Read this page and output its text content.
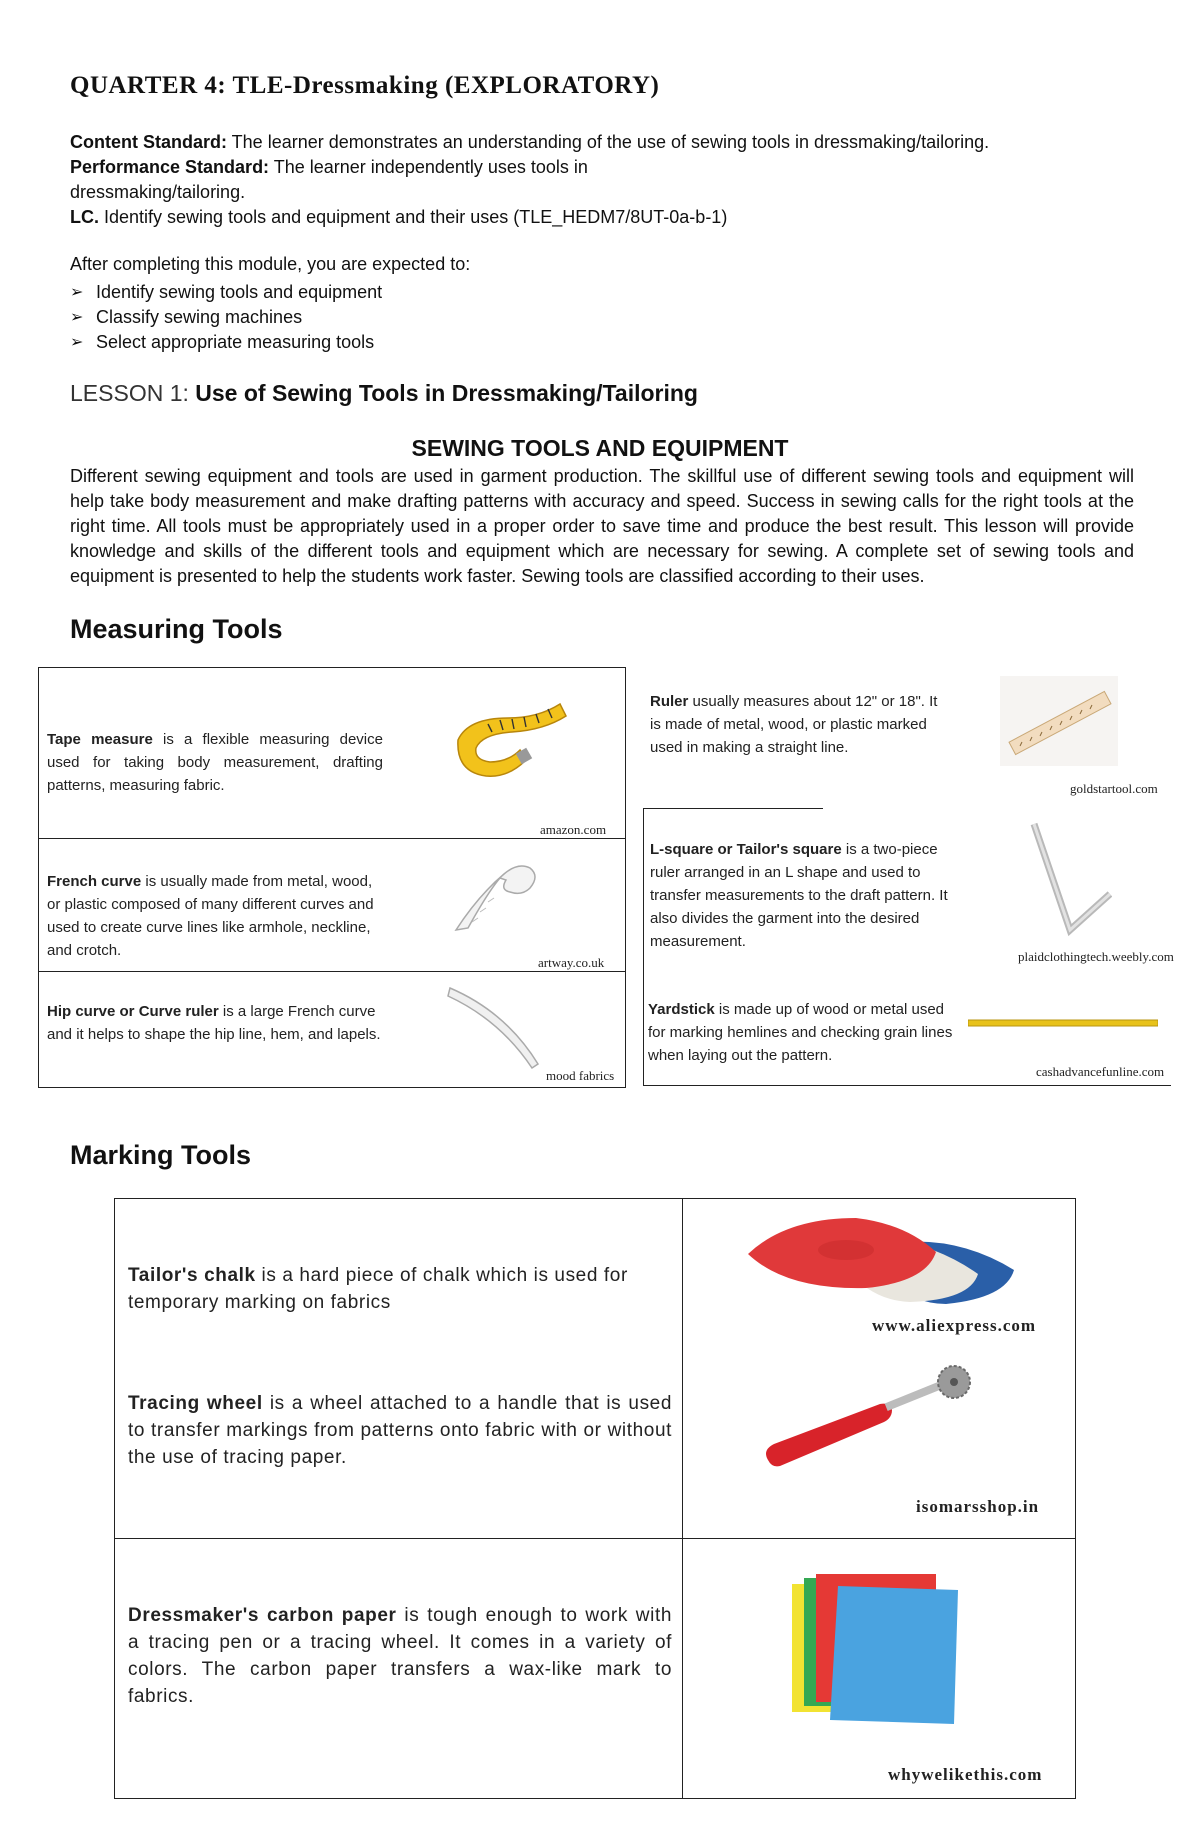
QUARTER 4: TLE-Dressmaking (EXPLORATORY)
Content Standard: The learner demonstrates an understanding of the use of sewing tools in dressmaking/tailoring.
Performance Standard: The learner independently uses tools in
dressmaking/tailoring.
LC. Identify sewing tools and equipment and their uses (TLE_HEDM7/8UT-0a-b-1)
After completing this module, you are expected to:
➢ Identify sewing tools and equipment
➢ Classify sewing machines
➢ Select appropriate measuring tools
LESSON 1: Use of Sewing Tools in Dressmaking/Tailoring
SEWING TOOLS AND EQUIPMENT
Different sewing equipment and tools are used in garment production. The skillful use of different sewing tools and equipment will help take body measurement and make drafting patterns with accuracy and speed. Success in sewing calls for the right tools at the right time. All tools must be appropriately used in a proper order to save time and produce the best result. This lesson will provide knowledge and skills of the different tools and equipment which are necessary for sewing. A complete set of sewing tools and equipment is presented to help the students work faster. Sewing tools are classified according to their uses.
Measuring Tools
Tape measure is a flexible measuring device used for taking body measurement, drafting patterns, measuring fabric.
amazon.com
French curve is usually made from metal, wood, or plastic composed of many different curves and used to create curve lines like armhole, neckline, and crotch.
artway.co.uk
Hip curve or Curve ruler is a large French curve and it helps to shape the hip line, hem, and lapels.
mood fabrics
Ruler usually measures about 12" or 18". It is made of metal, wood, or plastic marked used in making a straight line.
goldstartool.com
L-square or Tailor's square is a two-piece ruler arranged in an L shape and used to transfer measurements to the draft pattern. It also divides the garment into the desired measurement.
plaidclothingtech.weebly.com
Yardstick is made up of wood or metal used for marking hemlines and checking grain lines when laying out the pattern.
cashadvancefunline.com
Marking Tools
Tailor's chalk is a hard piece of chalk which is used for temporary marking on fabrics
www.aliexpress.com
Tracing wheel is a wheel attached to a handle that is used to transfer markings from patterns onto fabric with or without the use of tracing paper.
isomarsshop.in
Dressmaker's carbon paper is tough enough to work with a tracing pen or a tracing wheel. It comes in a variety of colors. The carbon paper transfers a wax-like mark to fabrics.
whywelikethis.com
